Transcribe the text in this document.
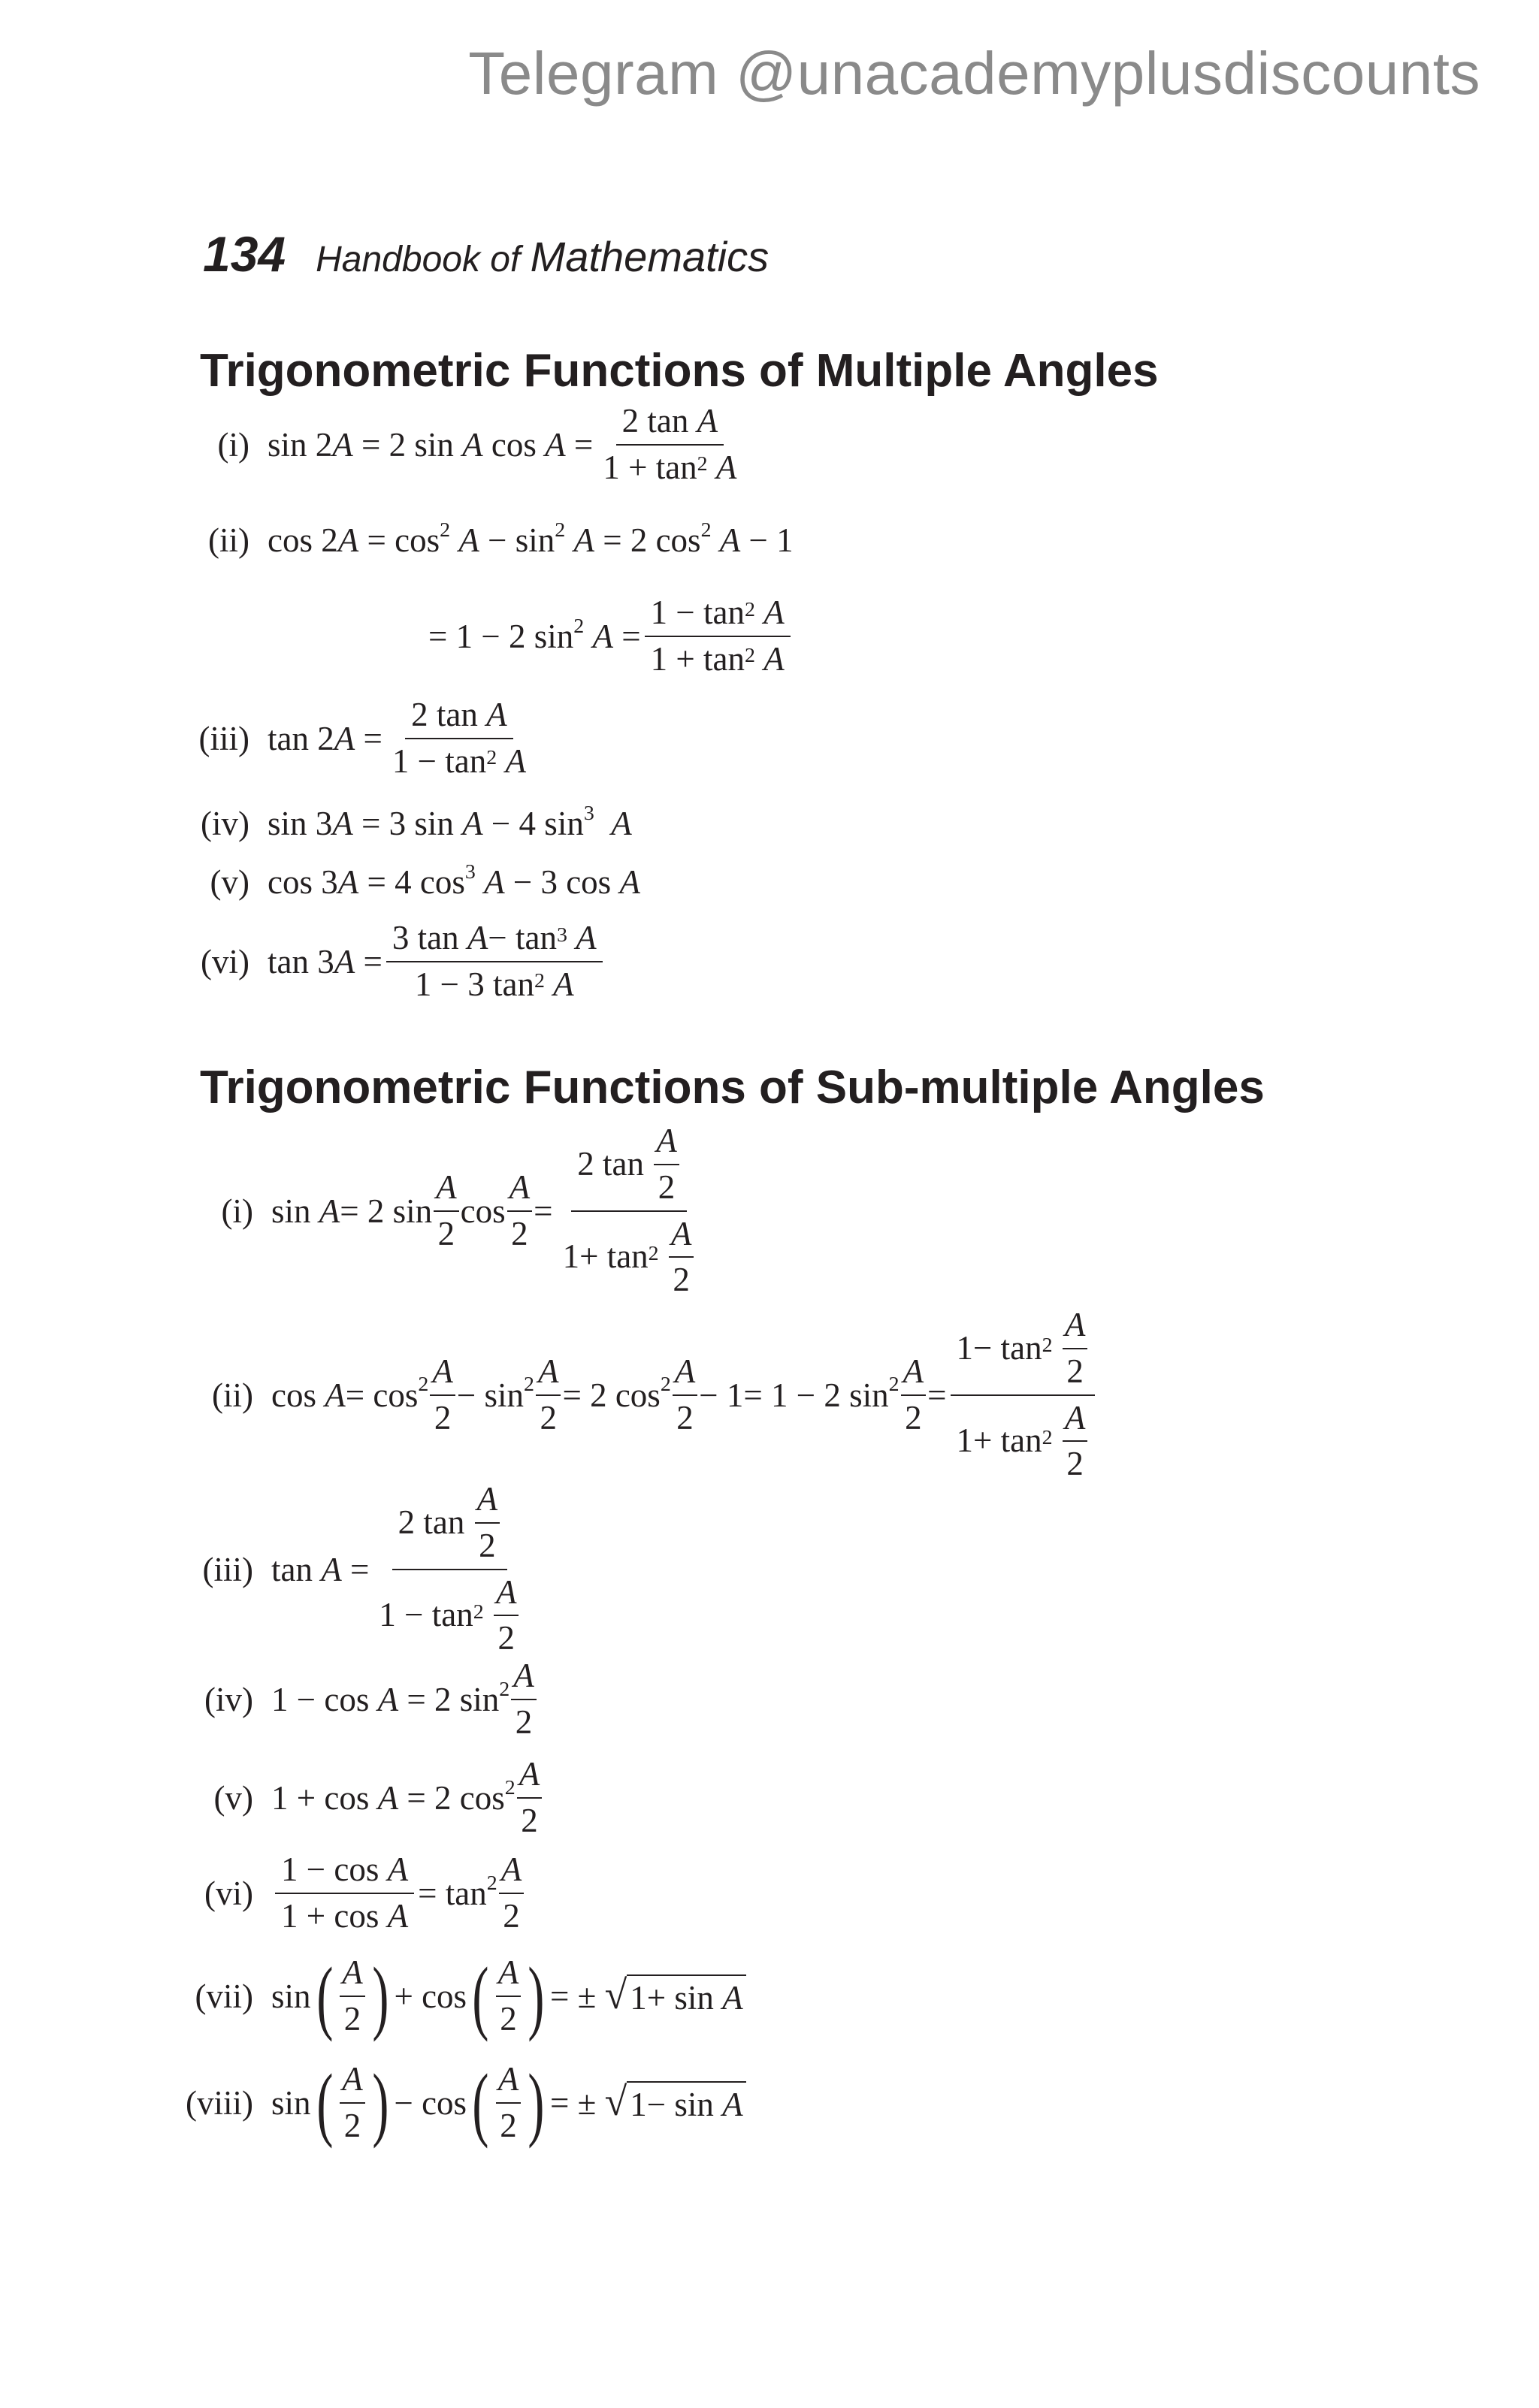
Telegram @unacademyplusdiscounts
134 Handbook of Mathematics
Trigonometric Functions of Multiple Angles
(i) sin 2A = 2 sin A cos A = 2 tan A
$1 + \tan^2$
A
(ii) $\cos 2A = \cos^2 A - \sin^2 A = 2$ $\cos^2 A - 1$
= 1 − 2 $\sin^2 A = 1 - \tan^2$
A
$1 + \tan^2$
A
(iii) tan 2A = 2 tan A
$1 - \tan^2$
A
(iv) sin 3A = 3 sin A − 4 $\sin^3 A$
(v) cos 3A = 4 $\cos^3 A - 3$ cos A
(vi) tan 3A = 3 $\tan A - \tan^3$
A
1 − 3 $\tan^2$
A
Trigonometric Functions of Sub-multiple Angles
(i) sin A= 2 $\sin \frac{A}{2}$ $\cos \frac{A}{2} = 2$ $\tan \frac{A}{2}$
$1+ \tan^2$
$\frac{A}{2}$
(ii) $\cos A= \cos^2 \frac{A}{2} - \sin^2 \frac{A}{2} = 2$ $\cos^2 \frac{A}{2} - 1= 1 - 2$ $\sin^2 \frac{A}{2} = 1- \tan^2$
$\frac{A}{2}$
$1+ \tan^2$
$\frac{A}{2}$
(iii) tan A = 2 $\tan \frac{A}{2}$
$1 - \tan^2$
$\frac{A}{2}$
(iv) 1 − cos A = 2 $\sin^2 \frac{A}{2}$
(v) 1 + cos A = 2 $\cos^2 \frac{A}{2}$
$(vi) \frac{\text{1 − cos A}}{\text{1 + cos A}} = \tan^2 \frac{A}{2}$
(vii) sin ( $\frac{A}{2}$ ) + cos ( $\frac{A}{2}$ ) = ± √ 1+ sin A
(viii) sin ( $\frac{A}{2}$ ) − cos ( $\frac{A}{2}$ ) = ± √ 1− sin A
